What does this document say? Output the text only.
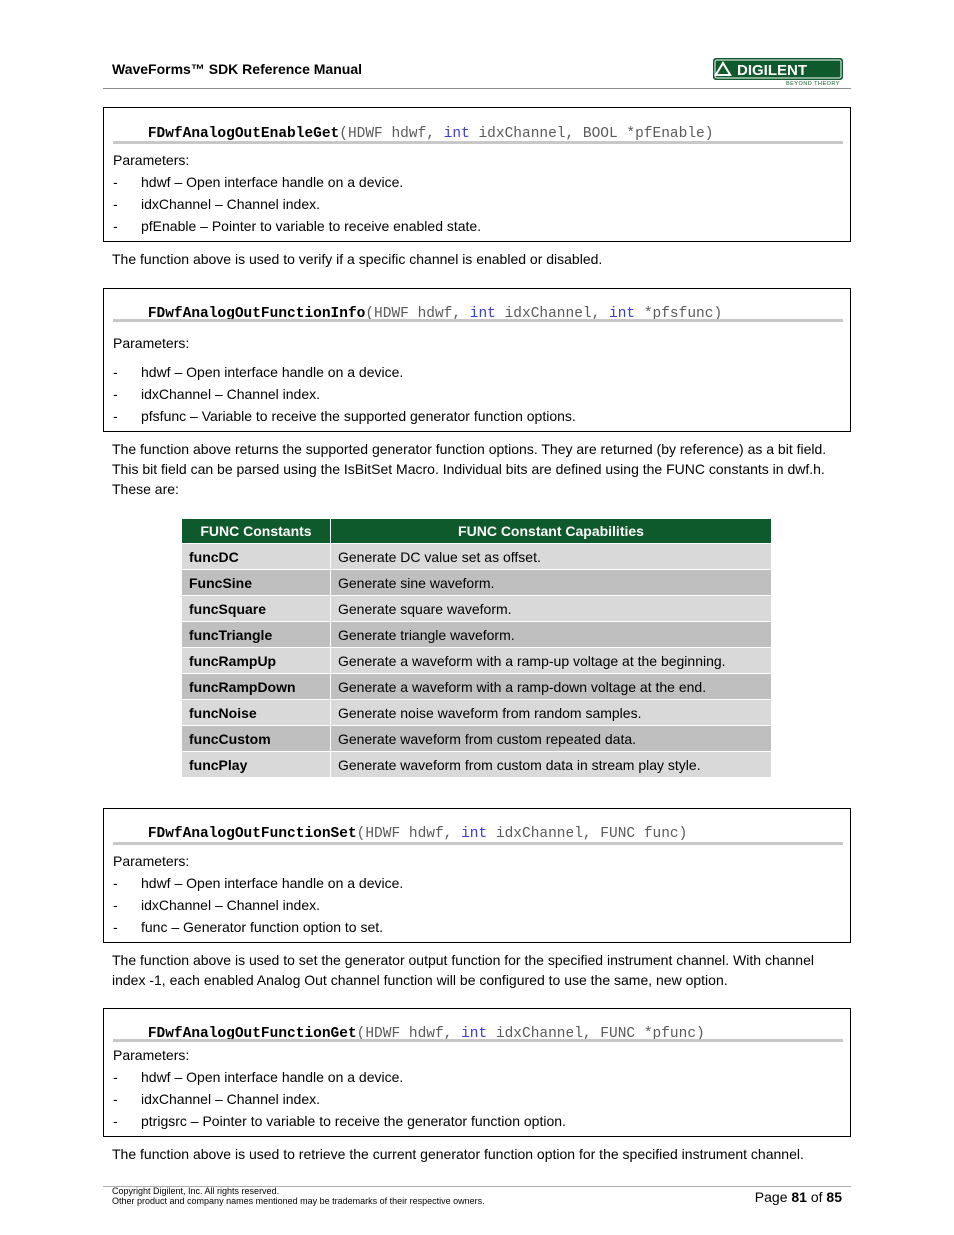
WaveForms™ SDK Reference Manual	DIGILENT
BEYOND THEORY

FDwfAnalogOutEnableGet(HDWF hdwf, int idxChannel, BOOL *pfEnable)

Parameters:
- hdwf – Open interface handle on a device.
- idxChannel – Channel index.
- pfEnable – Pointer to variable to receive enabled state.
The function above is used to verify if a specific channel is enabled or disabled.

FDwfAnalogOutFunctionInfo(HDWF hdwf, int idxChannel, int *pfsfunc)

Parameters:
- hdwf – Open interface handle on a device.
- idxChannel – Channel index.
- pfsfunc – Variable to receive the supported generator function options.
The function above returns the supported generator function options. They are returned (by reference) as a bit field. This bit field can be parsed using the IsBitSet Macro. Individual bits are defined using the FUNC constants in dwf.h. These are:
FUNC Constants	FUNC Constant Capabilities
funcDC	Generate DC value set as offset.
FuncSine	Generate sine waveform.
funcSquare	Generate square waveform.
funcTriangle	Generate triangle waveform.
funcRampUp	Generate a waveform with a ramp-up voltage at the beginning.
funcRampDown	Generate a waveform with a ramp-down voltage at the end.
funcNoise	Generate noise waveform from random samples.
funcCustom	Generate waveform from custom repeated data.
funcPlay	Generate waveform from custom data in stream play style.

FDwfAnalogOutFunctionSet(HDWF hdwf, int idxChannel, FUNC func)

Parameters:
- hdwf – Open interface handle on a device.
- idxChannel – Channel index.
- func – Generator function option to set.
The function above is used to set the generator output function for the specified instrument channel. With channel index -1, each enabled Analog Out channel function will be configured to use the same, new option.

FDwfAnalogOutFunctionGet(HDWF hdwf, int idxChannel, FUNC *pfunc)

Parameters:
- hdwf – Open interface handle on a device.
- idxChannel – Channel index.
- ptrigsrc – Pointer to variable to receive the generator function option.
The function above is used to retrieve the current generator function option for the specified instrument channel.
Copyright Digilent, Inc. All rights reserved.
Other product and company names mentioned may be trademarks of their respective owners.	Page 81 of 85
